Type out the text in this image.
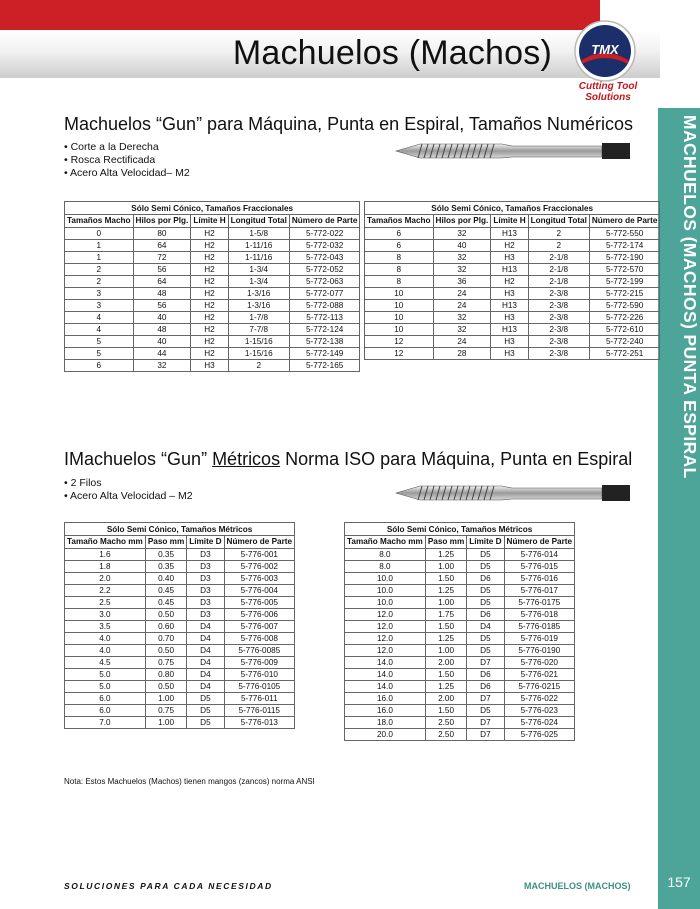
Machuelos (Machos)	TMX
Cutting Tool
Solutions
MACHUELOS (MACHOS) PUNTA ESPIRAL
Machuelos “Gun” para Máquina, Punta en Espiral, Tamaños Numéricos
• Corte a la Derecha
• Rosca Rectificada
• Acero Alta Velocidad– M2
Sólo Semi Cónico, Tamaños Fraccionales				
Tamaños Macho	Hilos por Plg.	Límite H	Longitud Total	Número de Parte
0	80	H2	1-5/8	5-772-022
1	64	H2	1-11/16	5-772-032
1	72	H2	1-11/16	5-772-043
2	56	H2	1-3/4	5-772-052
2	64	H2	1-3/4	5-772-063
3	48	H2	1-3/16	5-772-077
3	56	H2	1-3/16	5-772-088
4	40	H2	1-7/8	5-772-113
4	48	H2	7-7/8	5-772-124
5	40	H2	1-15/16	5-772-138
5	44	H2	1-15/16	5-772-149
6	32	H3	2	5-772-165
Sólo Semi Cónico, Tamaños Fraccionales				
Tamaños Macho	Hilos por Plg.	Límite H	Longitud Total	Número de Parte
6	32	H13	2	5-772-550
6	40	H2	2	5-772-174
8	32	H3	2-1/8	5-772-190
8	32	H13	2-1/8	5-772-570
8	36	H2	2-1/8	5-772-199
10	24	H3	2-3/8	5-772-215
10	24	H13	2-3/8	5-772-590
10	32	H3	2-3/8	5-772-226
10	32	H13	2-3/8	5-772-610
12	24	H3	2-3/8	5-772-240
12	28	H3	2-3/8	5-772-251
IMachuelos “Gun” Métricos Norma ISO para Máquina, Punta en Espiral
• 2 Filos
• Acero Alta Velocidad – M2
Sólo Semi Cónico, Tamaños Métricos			
Tamaño Macho mm	Paso mm	Límite D	Número de Parte
1.6	0.35	D3	5-776-001
1.8	0.35	D3	5-776-002
2.0	0.40	D3	5-776-003
2.2	0.45	D3	5-776-004
2.5	0.45	D3	5-776-005
3.0	0.50	D3	5-776-006
3.5	0.60	D4	5-776-007
4.0	0.70	D4	5-776-008
4.0	0.50	D4	5-776-0085
4.5	0.75	D4	5-776-009
5.0	0.80	D4	5-776-010
5.0	0.50	D4	5-776-0105
6.0	1.00	D5	5-776-011
6.0	0.75	D5	5-776-0115
7.0	1.00	D5	5-776-013
Sólo Semi Cónico, Tamaños Métricos			
Tamaño Macho mm	Paso mm	Límite D	Número de Parte
8.0	1.25	D5	5-776-014
8.0	1.00	D5	5-776-015
10.0	1.50	D6	5-776-016
10.0	1.25	D5	5-776-017
10.0	1.00	D5	5-776-0175
12.0	1.75	D6	5-776-018
12.0	1.50	D4	5-776-0185
12.0	1.25	D5	5-776-019
12.0	1.00	D5	5-776-0190
14.0	2.00	D7	5-776-020
14.0	1.50	D6	5-776-021
14.0	1.25	D6	5-776-0215
16.0	2.00	D7	5-776-022
16.0	1.50	D5	5-776-023
18.0	2.50	D7	5-776-024
20.0	2.50	D7	5-776-025
Nota: Estos Machuelos (Machos) tienen mangos (zancos) norma ANSI
SOLUCIONES PARA CADA NECESIDAD	MACHUELOS (MACHOS)	157
